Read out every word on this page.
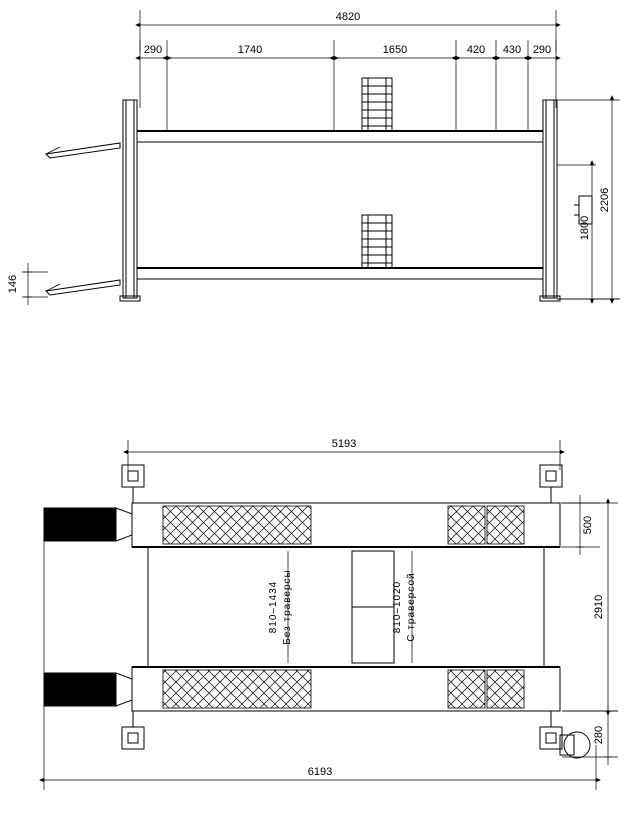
4820
290	1740	1650	420 430 290
2206
1800
146
5193
6193
810–1434 Без траверсы	810–1020 С траверсой
500
2910
280
